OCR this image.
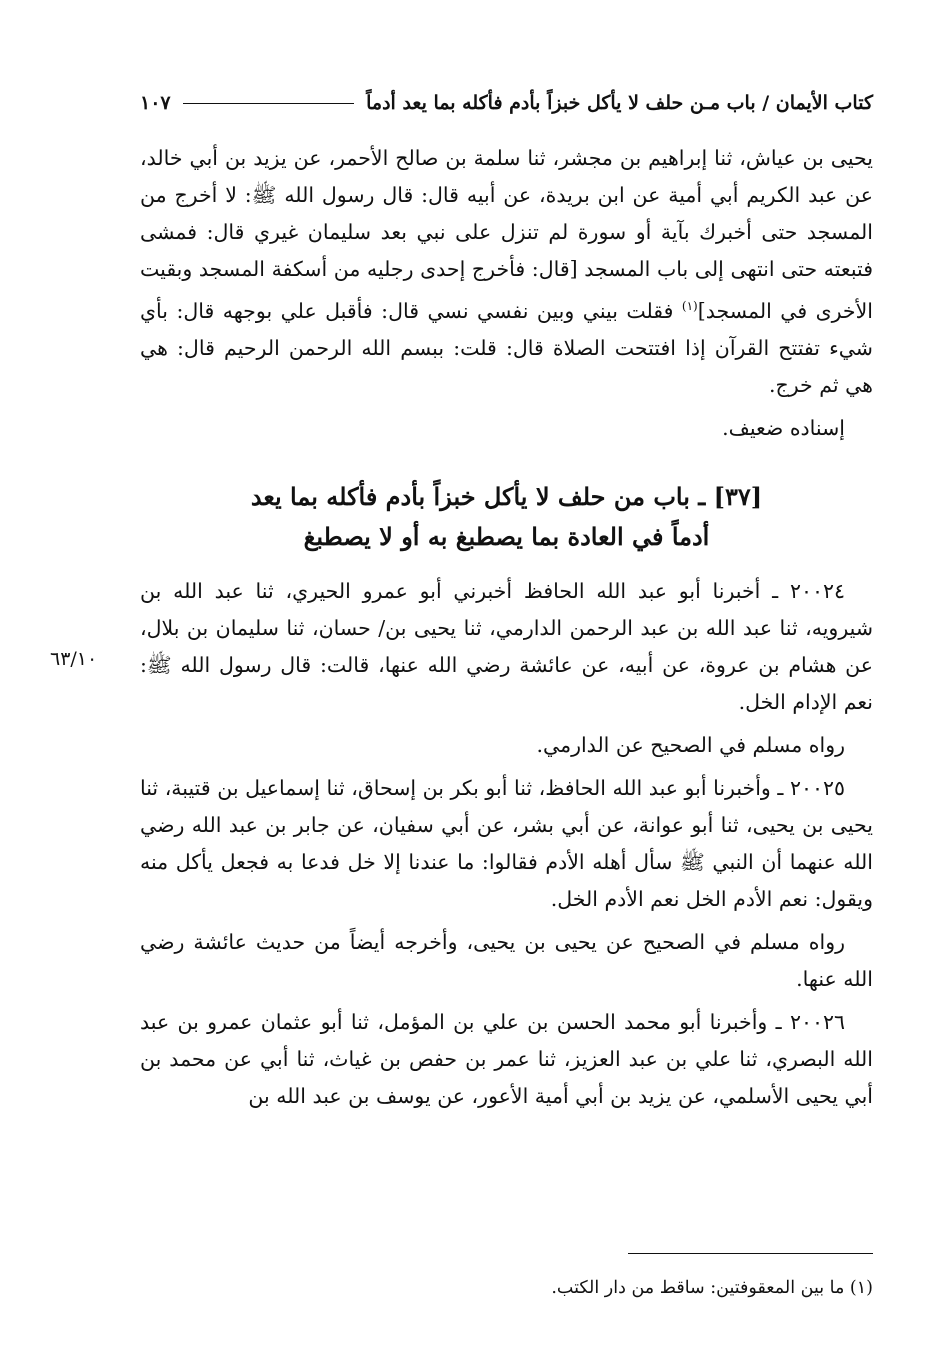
كتاب الأيمان / باب مـن حلف لا يأكل خبزاً بأدم فأكله بما يعد أدماً
١٠٧

يحيى بن عياش، ثنا إبراهيم بن مجشر، ثنا سلمة بن صالح الأحمر، عن يزيد بن أبي خالد، عن عبد الكريم أبي أمية عن ابن بريدة، عن أبيه قال: قال رسول الله ﷺ: لا أخرج من المسجد حتى أخبرك بآية أو سورة لم تنزل على نبي بعد سليمان غيري قال: فمشى فتبعته حتى انتهى إلى باب المسجد [قال: فأخرج إحدى رجليه من أسكفة المسجد وبقيت الأخرى في المسجد]$^{(١)}$ فقلت بيني وبين نفسي نسي قال: فأقبل علي بوجهه قال: بأي شيء تفتتح القرآن إذا افتتحت الصلاة قال: قلت: ببسم الله الرحمن الرحيم قال: هي هي ثم خرج.

إسناده ضعيف.

[٣٧] ـ باب من حلف لا يأكل خبزاً بأدم فأكله بما يعد
أدماً في العادة بما يصطبغ به أو لا يصطبغ

٢٠٠٢٤ ـ أخبرنا أبو عبد الله الحافظ أخبرني أبو عمرو الحيري، ثنا عبد الله بن شيرويه، ثنا عبد الله بن عبد الرحمن الدارمي، ثنا يحيى بن/ حسان، ثنا سليمان بن بلال، عن هشام بن عروة، عن أبيه، عن عائشة رضي الله عنها، قالت: قال رسول الله ﷺ: نعم الإدام الخل.

رواه مسلم في الصحيح عن الدارمي.

٢٠٠٢٥ ـ وأخبرنا أبو عبد الله الحافظ، ثنا أبو بكر بن إسحاق، ثنا إسماعيل بن قتيبة، ثنا يحيى بن يحيى، ثنا أبو عوانة، عن أبي بشر، عن أبي سفيان، عن جابر بن عبد الله رضي الله عنهما أن النبي ﷺ سأل أهله الأدم فقالوا: ما عندنا إلا خل فدعا به فجعل يأكل منه ويقول: نعم الأدم الخل نعم الأدم الخل.

رواه مسلم في الصحيح عن يحيى بن يحيى، وأخرجه أيضاً من حديث عائشة رضي الله عنها.

٢٠٠٢٦ ـ وأخبرنا أبو محمد الحسن بن علي بن المؤمل، ثنا أبو عثمان عمرو بن عبد الله البصري، ثنا علي بن عبد العزيز، ثنا عمر بن حفص بن غياث، ثنا أبي عن محمد بن أبي يحيى الأسلمي، عن يزيد بن أبي أمية الأعور، عن يوسف بن عبد الله بن

٦٣/١٠
(١) ما بين المعقوفتين: ساقط من دار الكتب.
